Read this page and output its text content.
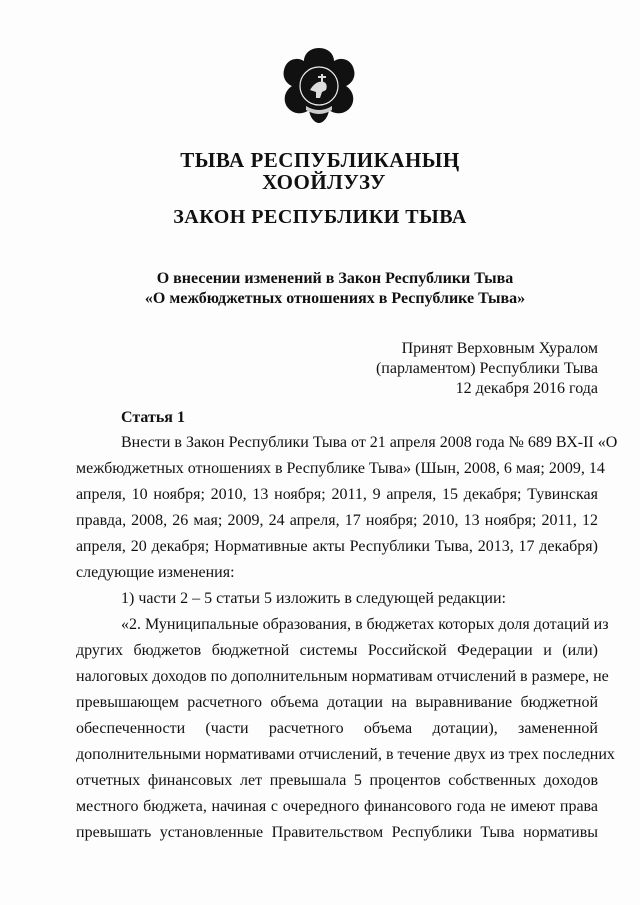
ТЫВА РЕСПУБЛИКАНЫҢ
ХООЙЛУЗУ
ЗАКОН РЕСПУБЛИКИ ТЫВА
О внесении изменений в Закон Республики Тыва
«О межбюджетных отношениях в Республике Тыва»
Принят Верховным Хуралом
(парламентом) Республики Тыва
12 декабря 2016 года
Статья 1
Внести в Закон Республики Тыва от 21 апреля 2008 года № 689 ВХ-II «О
межбюджетных отношениях в Республике Тыва» (Шын, 2008, 6 мая; 2009, 14
апреля, 10 ноября; 2010, 13 ноября; 2011, 9 апреля, 15 декабря; Тувинская
правда, 2008, 26 мая; 2009, 24 апреля, 17 ноября; 2010, 13 ноября; 2011, 12
апреля, 20 декабря; Нормативные акты Республики Тыва, 2013, 17 декабря)
следующие изменения:
1) части 2 – 5 статьи 5 изложить в следующей редакции:
«2. Муниципальные образования, в бюджетах которых доля дотаций из
других бюджетов бюджетной системы Российской Федерации и (или)
налоговых доходов по дополнительным нормативам отчислений в размере, не
превышающем расчетного объема дотации на выравнивание бюджетной
обеспеченности (части расчетного объема дотации), замененной
дополнительными нормативами отчислений, в течение двух из трех последних
отчетных финансовых лет превышала 5 процентов собственных доходов
местного бюджета, начиная с очередного финансового года не имеют права
превышать установленные Правительством Республики Тыва нормативы
